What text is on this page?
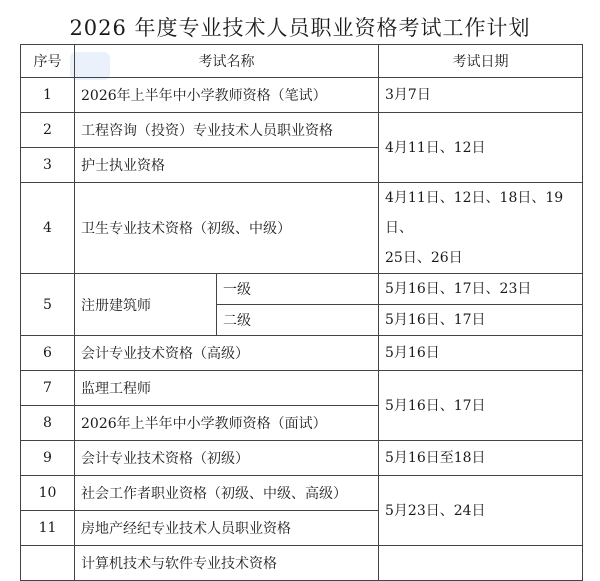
2026 年度专业技术人员职业资格考试工作计划
序号	考试名称		考试日期
1	2026年上半年中小学教师资格（笔试）		3月7日
2	工程咨询（投资）专业技术人员职业资格		4月11日、12日
3	护士执业资格		
4	卫生专业技术资格（初级、中级）		4月11日、12日、18日、19日、
25日、26日
5	注册建筑师	一级	5月16日、17日、23日
		二级	5月16日、17日
6	会计专业技术资格（高级）		5月16日
7	监理工程师		5月16日、17日
8	2026年上半年中小学教师资格（面试）		
9	会计专业技术资格（初级）		5月16日至18日
10	社会工作者职业资格（初级、中级、高级）		5月23日、24日
11	房地产经纪专业技术人员职业资格		
	计算机技术与软件专业技术资格		
